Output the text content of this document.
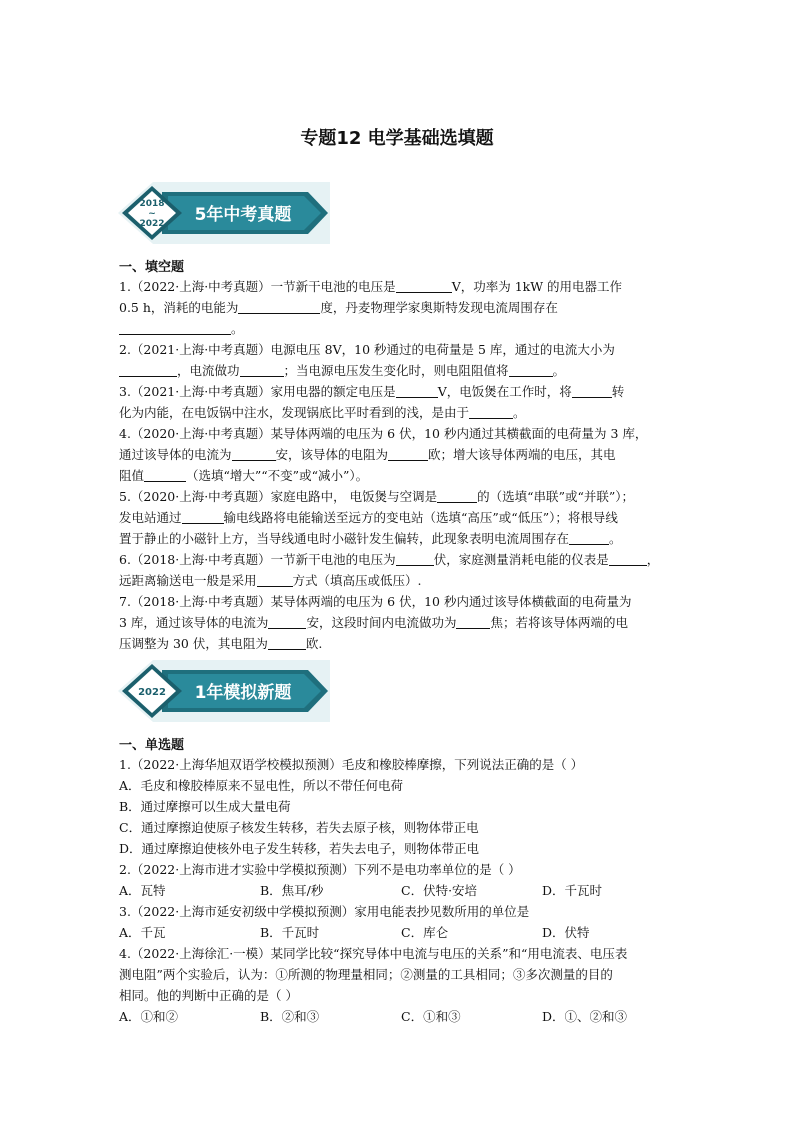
专题12 电学基础选填题
2018
~
2022 5年中考真题
一、填空题

1.（2022·上海·中考真题）一节新干电池的电压是	V，功率为 1kW 的用电器工作

0.5 h，消耗的电能为	度，丹麦物理学家奥斯特发现电流周围存在

。

2.（2021·上海·中考真题）电源电压 8V，10 秒通过的电荷量是 5 库，通过的电流大小为

，电流做功	；当电源电压发生变化时，则电阻阻值将	。

3.（2021·上海·中考真题）家用电器的额定电压是	V，电饭煲在工作时，将	转

化为内能，在电饭锅中注水，发现锅底比平时看到的浅，是由于	。

4.（2020·上海·中考真题）某导体两端的电压为 6 伏，10 秒内通过其横截面的电荷量为 3 库，

通过该导体的电流为	安，该导体的电阻为	欧；增大该导体两端的电压，其电

阻值	（选填“增大”“不变”或“减小”）。

5.（2020·上海·中考真题）家庭电路中， 电饭煲与空调是	的（选填“串联”或“并联”）；

发电站通过	输电线路将电能输送至远方的变电站（选填“高压”或“低压”）；将根导线

置于静止的小磁针上方，当导线通电时小磁针发生偏转，此现象表明电流周围存在	。

6.（2018·上海·中考真题）一节新干电池的电压为	伏，家庭测量消耗电能的仪表是	，

远距离输送电一般是采用	方式（填高压或低压）.

7.（2018·上海·中考真题）某导体两端的电压为 6 伏，10 秒内通过该导体横截面的电荷量为

3 库，通过该导体的电流为	安，这段时间内电流做功为	焦；若将该导体两端的电

压调整为 30 伏，其电阻为	欧.

2022 1年模拟新题
一、单选题

1.（2022·上海华旭双语学校模拟预测）毛皮和橡胶棒摩擦，下列说法正确的是（ ）

A．毛皮和橡胶棒原来不显电性，所以不带任何电荷

B．通过摩擦可以生成大量电荷

C．通过摩擦迫使原子核发生转移，若失去原子核，则物体带正电

D．通过摩擦迫使核外电子发生转移，若失去电子，则物体带正电

2.（2022·上海市进才实验中学模拟预测）下列不是电功率单位的是（ ）

A．瓦特	B．焦耳/秒	C．伏特·安培	D．千瓦时

3.（2022·上海市延安初级中学模拟预测）家用电能表抄见数所用的单位是

A．千瓦	B．千瓦时	C．库仑	D．伏特

4.（2022·上海徐汇·一模）某同学比较“探究导体中电流与电压的关系”和“用电流表、电压表

测电阻”两个实验后，认为：①所测的物理量相同；②测量的工具相同；③多次测量的目的

相同。他的判断中正确的是（ ）

A．①和②	B．②和③	C．①和③	D．①、②和③
